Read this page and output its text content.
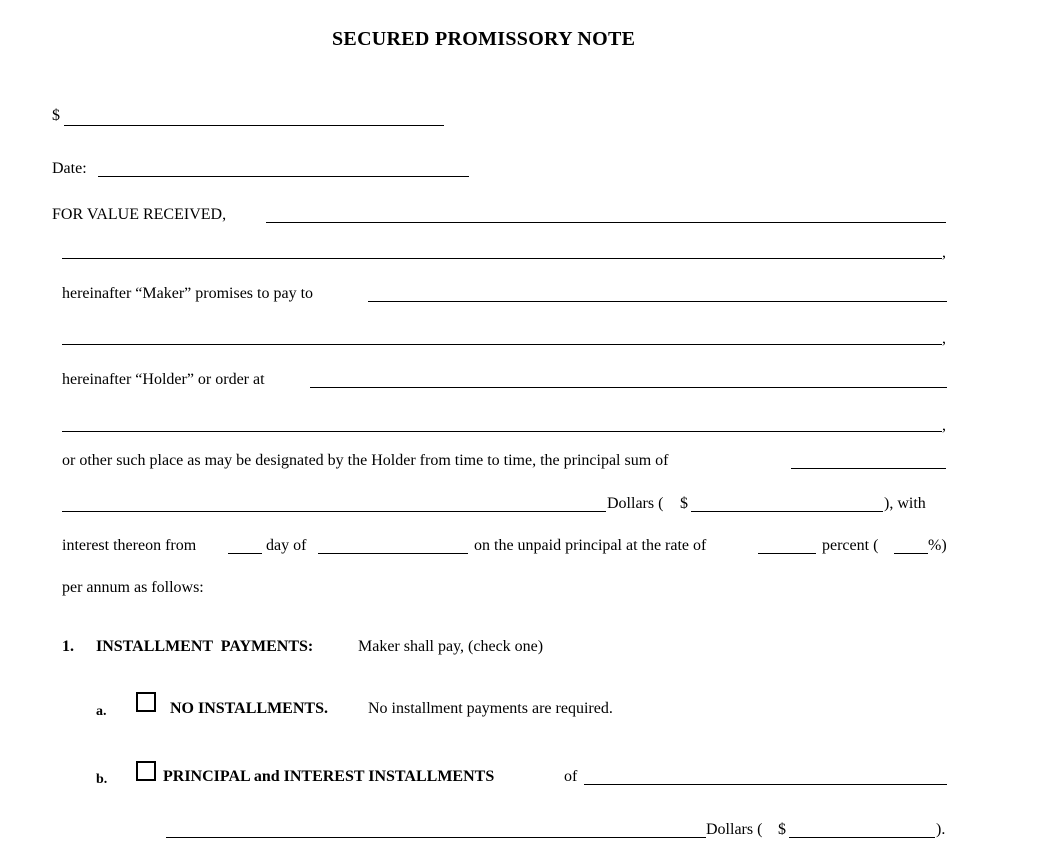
SECURED PROMISSORY NOTE
$
Date:
FOR VALUE RECEIVED,
,
hereinafter “Maker” promises to pay to
,
hereinafter “Holder” or order at
,
or other such place as may be designated by the Holder from time to time, the principal sum of
Dollars ( $	), with
interest thereon from	day of	on the unpaid principal at the rate of	percent (	%)
per annum as follows:
1. INSTALLMENT PAYMENTS:	Maker shall pay, (check one)
a.	NO INSTALLMENTS.	No installment payments are required.
b.	PRINCIPAL and INTEREST INSTALLMENTS	of
Dollars ( $	).
